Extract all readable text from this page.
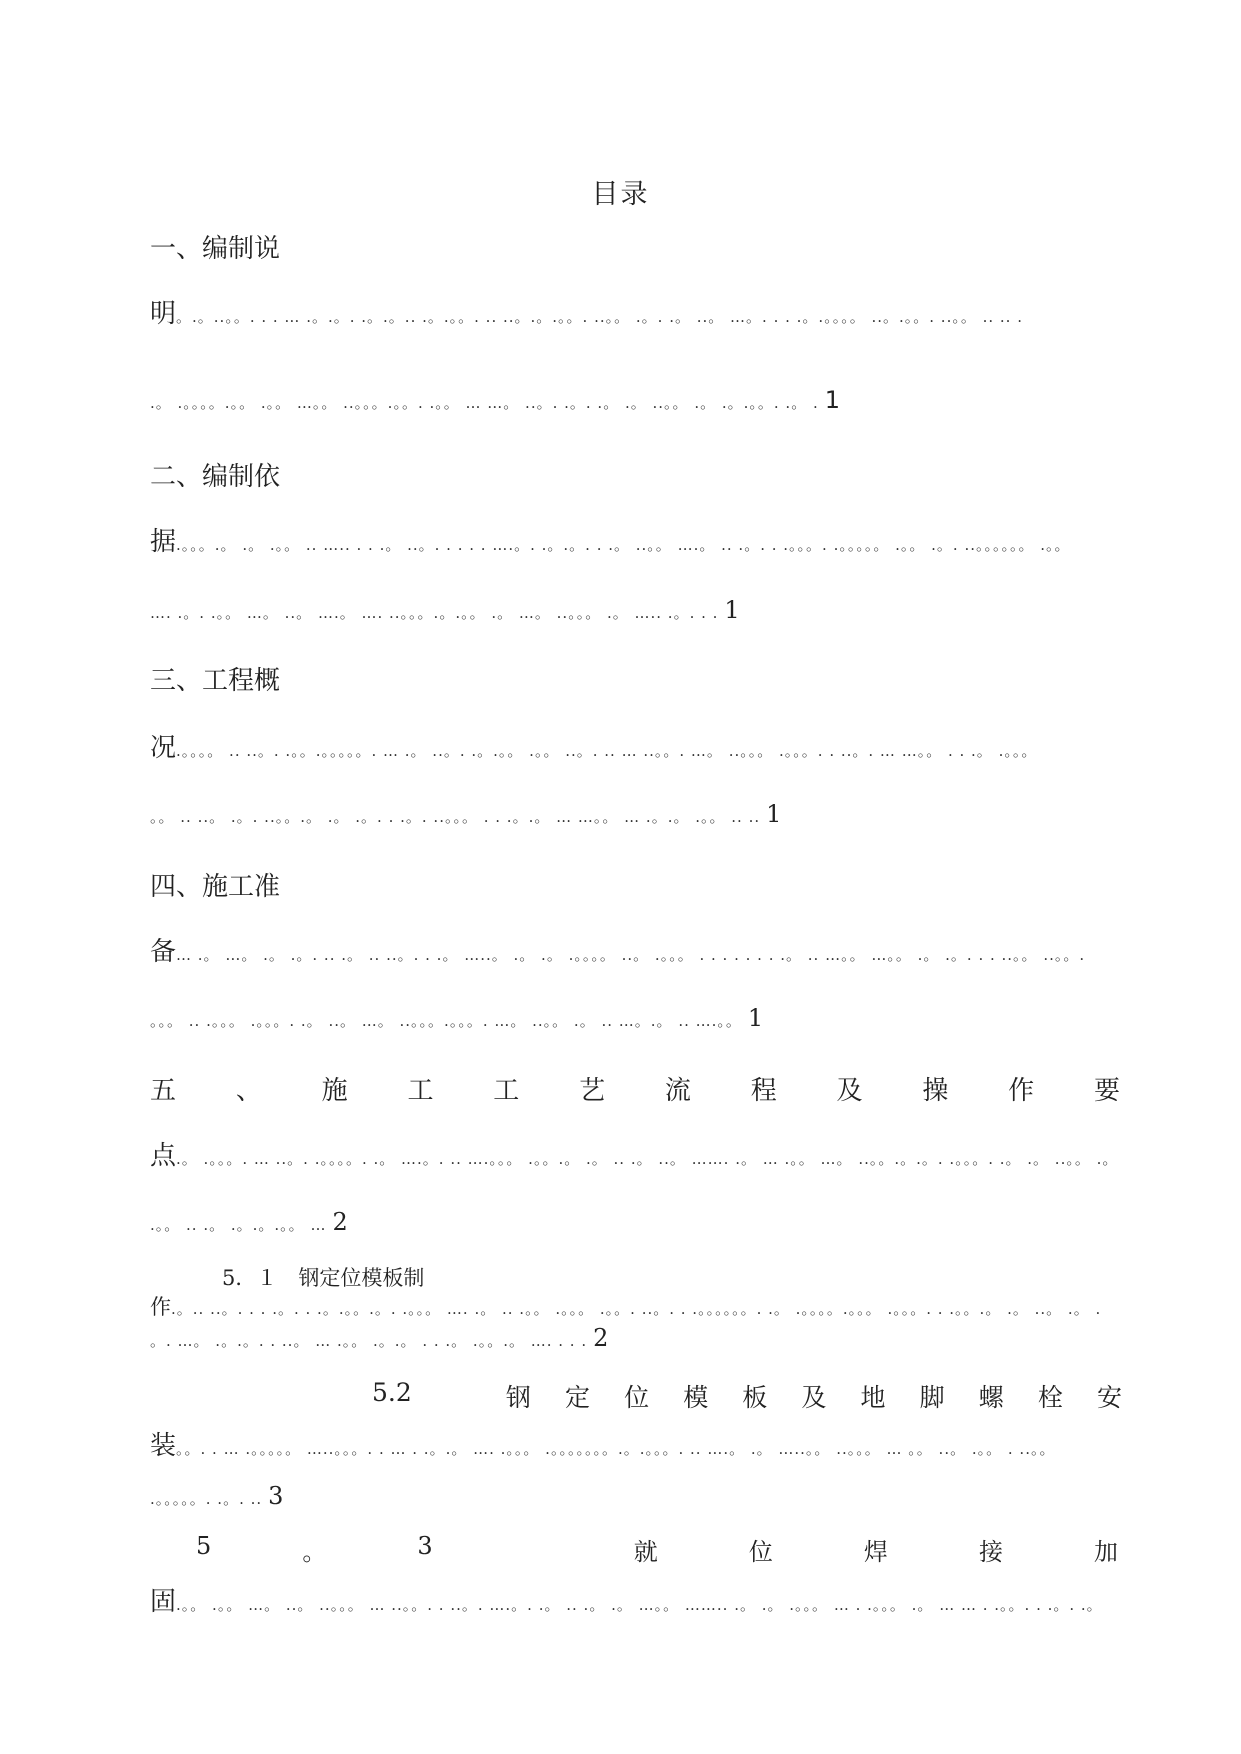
目录
一、编制说
明。.。..。。. . . … .。.。. .。.。.. .。.。。. .. ..。.。.。。. ..。。 .。. .。 ..。 …。. . . .。.。。。。 ..。.。。. ..。。 .. .. .
.。 .。。。。.。。 .。。 …。。 ..。。。.。。. .。。 … …。 ..。. .。. .。 .。 ..。。 .。 .。.。。. .。 . 1
二、编制依
据.。。。.。 .。 .。。 .. ….. . . .。 ..。. . . . . ….。. .。.。. . .。 ..。。 ….。 .. .。. . .。。。. .。。。。。 .。。 .。. ..。。。。。。 .。。
…. .。. .。。 …。 ..。 ….。 …. ..。。。.。.。。 .。 …。 ..。。。 .。 ….. .。. . . 1
三、工程概
况.。。。。 .. ..。. .。。.。。。。。. … .。 ..。. .。.。。 .。。 ..。. .. … ..。。. …。 ..。。。 .。。。. . ..。. … …。。 . . .。 .。。。
。。 .. ..。 .。. ..。。.。 .。 .。. . .。. ..。。。 . . .。.。 … …。。 … .。.。 .。。 .. .. 1
四、施工准
备… .。 …。 .。 .。. .. .。 .. ..。. . .。 …..。 .。 .。 .。。。。 ..。 .。。。 . . . . . . . .。 .. …。。 …。。 .。 .。. . . ..。。 ..。。.
。。。 .. .。。。 .。。。. .。 ..。 …。 ..。。。.。。。. …。 ..。。 .。 .. …。.。 .. ….。。 1
五 、 施 工 工 艺 流 程 及 操 作 要
点.。 .。。。. … ..。. .。。。。. .。 ….。. .. ….。。。 .。。.。 .。 .. .。 ..。 ……. .。 … .。。 …。 ..。。.。.。. .。。。. .。 .。 ..。。 .。
.。。 .. .。 .。.。.。。 … 2
5．１　钢定位模板制
作.。.. ..。. . . .。. . .。.。。.。. .。。。 …. .。 .. .。。 .。。。 .。。. ..。. . .。。。。。。. .。 .。。。。.。。。 .。。。. . .。。.。 .。 ..。 .。 .
。. …。 .。.。. . ..。 … .。。 .。.。 . . .。 .。。.。 …. . . . 2
5.2	钢 定 位 模 板 及 地 脚 螺 栓 安
装。。. . … .。。。。。 …..。。。. . … . .。.。 …. .。。。 .。。。。。。。.。.。。。. .. ….。 .。 …..。。 ..。。。 … 。。 ..。 .。。 . ..。。
.。。。。。. .。. .. 3
5	。	3	就	位	焊	接	加
固.。。 .。。 …。 ..。 ..。。。 … ..。。. . ..。. ….。. .。 .. .。 .。 …。。 …….. .。 .。 .。。。 … . .。。。 .。 … … . .。。. . .。. .。
